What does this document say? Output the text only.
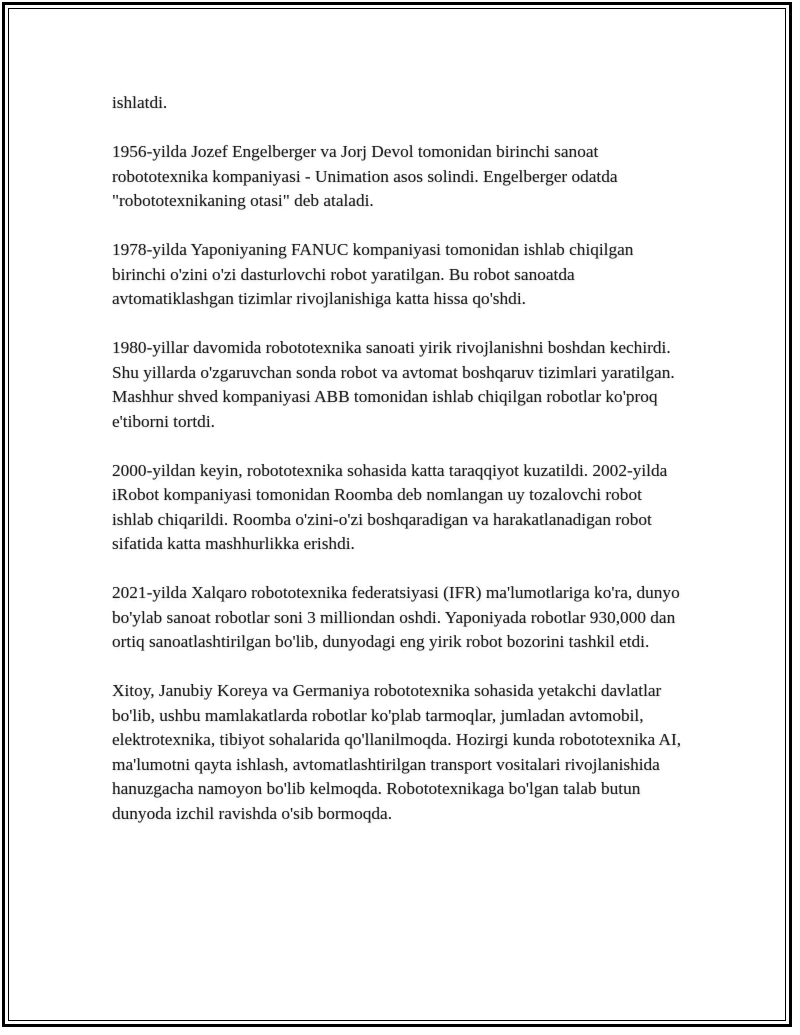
ishlatdi.

1956-yilda Jozef Engelberger va Jorj Devol tomonidan birinchi sanoat robototexnika kompaniyasi - Unimation asos solindi. Engelberger odatda "robototexnikaning otasi" deb ataladi.

1978-yilda Yaponiyaning FANUC kompaniyasi tomonidan ishlab chiqilgan birinchi o'zini o'zi dasturlovchi robot yaratilgan. Bu robot sanoatda avtomatiklashgan tizimlar rivojlanishiga katta hissa qo'shdi.

1980-yillar davomida robototexnika sanoati yirik rivojlanishni boshdan kechirdi. Shu yillarda o'zgaruvchan sonda robot va avtomat boshqaruv tizimlari yaratilgan. Mashhur shved kompaniyasi ABB tomonidan ishlab chiqilgan robotlar ko'proq e'tiborni tortdi.

2000-yildan keyin, robototexnika sohasida katta taraqqiyot kuzatildi. 2002-yilda iRobot kompaniyasi tomonidan Roomba deb nomlangan uy tozalovchi robot ishlab chiqarildi. Roomba o'zini-o'zi boshqaradigan va harakatlanadigan robot sifatida katta mashhurlikka erishdi.

2021-yilda Xalqaro robototexnika federatsiyasi (IFR) ma'lumotlariga ko'ra, dunyo bo'ylab sanoat robotlar soni 3 milliondan oshdi. Yaponiyada robotlar 930,000 dan ortiq sanoatlashtirilgan bo'lib, dunyodagi eng yirik robot bozorini tashkil etdi.

Xitoy, Janubiy Koreya va Germaniya robototexnika sohasida yetakchi davlatlar bo'lib, ushbu mamlakatlarda robotlar ko'plab tarmoqlar, jumladan avtomobil, elektrotexnika, tibiyot sohalarida qo'llanilmoqda. Hozirgi kunda robototexnika AI, ma'lumotni qayta ishlash, avtomatlashtirilgan transport vositalari rivojlanishida hanuzgacha namoyon bo'lib kelmoqda. Robototexnikaga bo'lgan talab butun dunyoda izchil ravishda o'sib bormoqda.
